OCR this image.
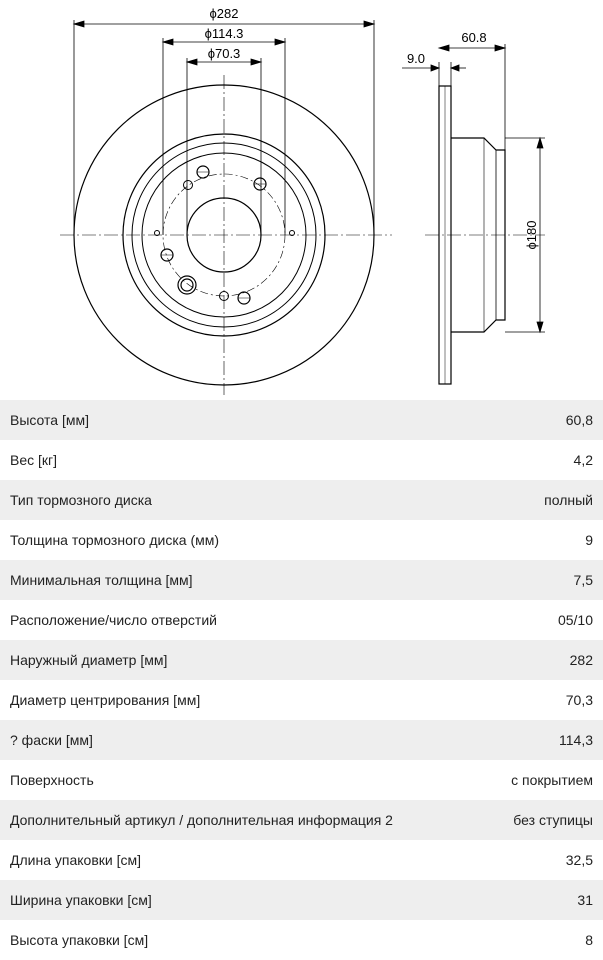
ϕ282
ϕ114.3
ϕ70.3	9.0
60.8
ϕ180
Высота [мм]	60,8
Вес [кг]	4,2
Тип тормозного диска	полный
Толщина тормозного диска (мм)	9
Минимальная толщина [мм]	7,5
Расположение/число отверстий	05/10
Наружный диаметр [мм]	282
Диаметр центрирования [мм]	70,3
? фаски [мм]	114,3
Поверхность	с покрытием
Дополнительный артикул / дополнительная информация 2	без ступицы
Длина упаковки [см]	32,5
Ширина упаковки [см]	31
Высота упаковки [см]	8
